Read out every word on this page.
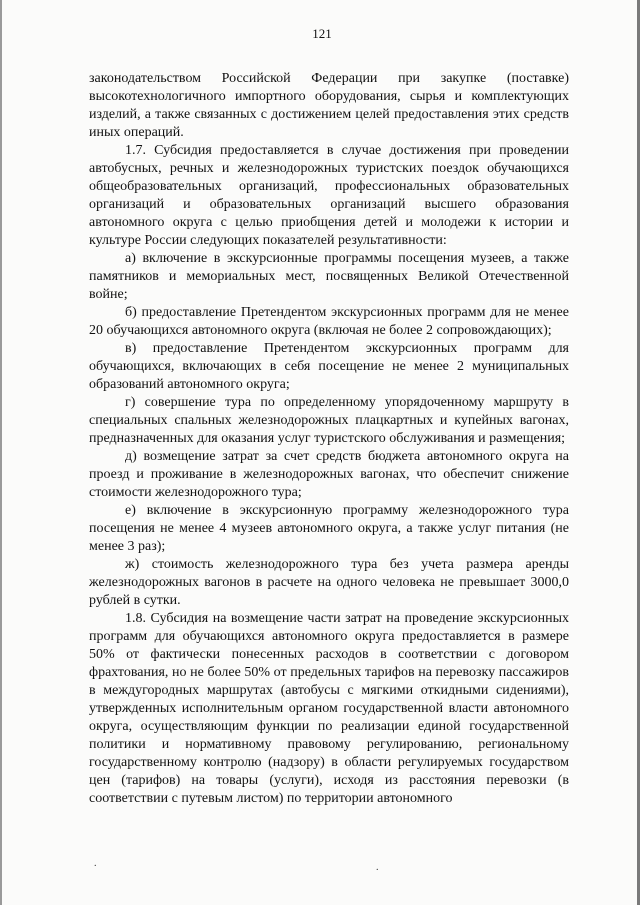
121

законодательством Российской Федерации при закупке (поставке) высокотехнологичного импортного оборудования, сырья и комплектующих изделий, а также связанных с достижением целей предоставления этих средств иных операций.

1.7. Субсидия предоставляется в случае достижения при проведении автобусных, речных и железнодорожных туристских поездок обучающихся общеобразовательных организаций, профессиональных образовательных организаций и образовательных организаций высшего образования автономного округа с целью приобщения детей и молодежи к истории и культуре России следующих показателей результативности:

а) включение в экскурсионные программы посещения музеев, а также памятников и мемориальных мест, посвященных Великой Отечественной войне;

б) предоставление Претендентом экскурсионных программ для не менее 20 обучающихся автономного округа (включая не более 2 сопровождающих);

в) предоставление Претендентом экскурсионных программ для обучающихся, включающих в себя посещение не менее 2 муниципальных образований автономного округа;

г) совершение тура по определенному упорядоченному маршруту в специальных спальных железнодорожных плацкартных и купейных вагонах, предназначенных для оказания услуг туристского обслуживания и размещения;

д) возмещение затрат за счет средств бюджета автономного округа на проезд и проживание в железнодорожных вагонах, что обеспечит снижение стоимости железнодорожного тура;

е) включение в экскурсионную программу железнодорожного тура посещения не менее 4 музеев автономного округа, а также услуг питания (не менее 3 раз);

ж) стоимость железнодорожного тура без учета размера аренды железнодорожных вагонов в расчете на одного человека не превышает 3000,0 рублей в сутки.

1.8. Субсидия на возмещение части затрат на проведение экскурсионных программ для обучающихся автономного округа предоставляется в размере 50% от фактически понесенных расходов в соответствии с договором фрахтования, но не более 50% от предельных тарифов на перевозку пассажиров в междугородных маршрутах (автобусы с мягкими откидными сидениями), утвержденных исполнительным органом государственной власти автономного округа, осуществляющим функции по реализации единой государственной политики и нормативному правовому регулированию, региональному государственному контролю (надзору) в области регулируемых государством цен (тарифов) на товары (услуги), исходя из расстояния перевозки (в соответствии с путевым листом) по территории автономного

.	.
